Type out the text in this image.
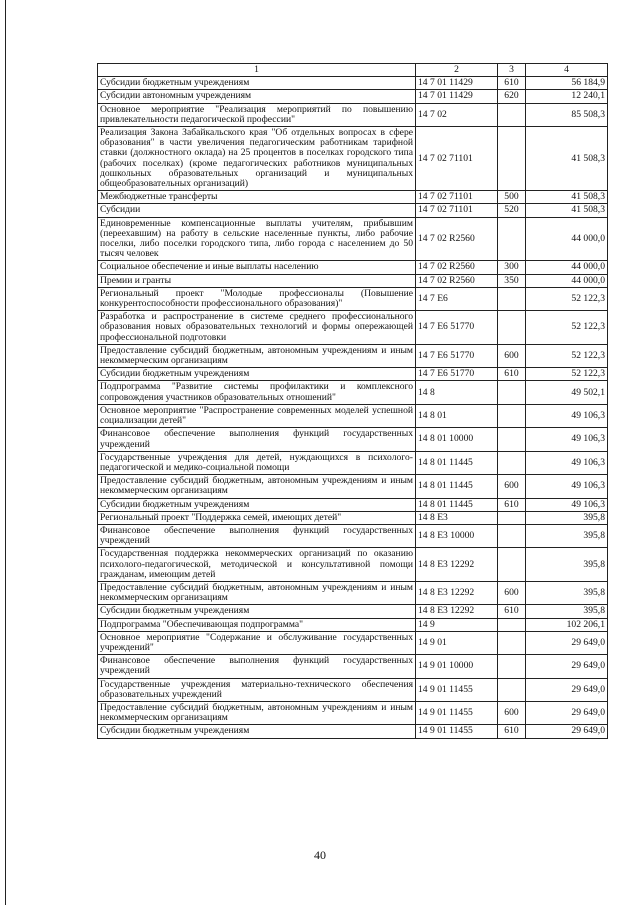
1	2	3	4
Субсидии бюджетным учреждениям	14 7 01 11429	610	56 184,9
Субсидии автономным учреждениям	14 7 01 11429	620	12 240,1
Основное мероприятие "Реализация мероприятий по повышению привлекательности педагогической профессии"	14 7 02		85 508,3
Реализация Закона Забайкальского края "Об отдельных вопросах в сфере образования" в части увеличения педагогическим работникам тарифной ставки (должностного оклада) на 25 процентов в поселках городского типа (рабочих поселках) (кроме педагогических работников муниципальных дошкольных образовательных организаций и муниципальных общеобразовательных организаций)	14 7 02 71101		41 508,3
Межбюджетные трансферты	14 7 02 71101	500	41 508,3
Субсидии	14 7 02 71101	520	41 508,3
Единовременные компенсационные выплаты учителям, прибывшим (переехавшим) на работу в сельские населенные пункты, либо рабочие поселки, либо поселки городского типа, либо города с населением до 50 тысяч человек	14 7 02 R2560		44 000,0
Социальное обеспечение и иные выплаты населению	14 7 02 R2560	300	44 000,0
Премии и гранты	14 7 02 R2560	350	44 000,0
Региональный проект "Молодые профессионалы (Повышение конкурентоспособности профессионального образования)"	14 7 Е6		52 122,3
Разработка и распространение в системе среднего профессионального образования новых образовательных технологий и формы опережающей профессиональной подготовки	14 7 Е6 51770		52 122,3
Предоставление субсидий бюджетным, автономным учреждениям и иным некоммерческим организациям	14 7 Е6 51770	600	52 122,3
Субсидии бюджетным учреждениям	14 7 Е6 51770	610	52 122,3
Подпрограмма "Развитие системы профилактики и комплексного сопровождения участников образовательных отношений"	14 8		49 502,1
Основное мероприятие "Распространение современных моделей успешной социализации детей"	14 8 01		49 106,3
Финансовое обеспечение выполнения функций государственных учреждений	14 8 01 10000		49 106,3
Государственные учреждения для детей, нуждающихся в психолого-педагогической и медико-социальной помощи	14 8 01 11445		49 106,3
Предоставление субсидий бюджетным, автономным учреждениям и иным некоммерческим организациям	14 8 01 11445	600	49 106,3
Субсидии бюджетным учреждениям	14 8 01 11445	610	49 106,3
Региональный проект "Поддержка семей, имеющих детей"	14 8 Е3		395,8
Финансовое обеспечение выполнения функций государственных учреждений	14 8 Е3 10000		395,8
Государственная поддержка некоммерческих организаций по оказанию психолого-педагогической, методической и консультативной помощи гражданам, имеющим детей	14 8 Е3 12292		395,8
Предоставление субсидий бюджетным, автономным учреждениям и иным некоммерческим организациям	14 8 Е3 12292	600	395,8
Субсидии бюджетным учреждениям	14 8 Е3 12292	610	395,8
Подпрограмма "Обеспечивающая подпрограмма"	14 9		102 206,1
Основное мероприятие "Содержание и обслуживание государственных учреждений"	14 9 01		29 649,0
Финансовое обеспечение выполнения функций государственных учреждений	14 9 01 10000		29 649,0
Государственные учреждения материально-технического обеспечения образовательных учреждений	14 9 01 11455		29 649,0
Предоставление субсидий бюджетным, автономным учреждениям и иным некоммерческим организациям	14 9 01 11455	600	29 649,0
Субсидии бюджетным учреждениям	14 9 01 11455	610	29 649,0
40
